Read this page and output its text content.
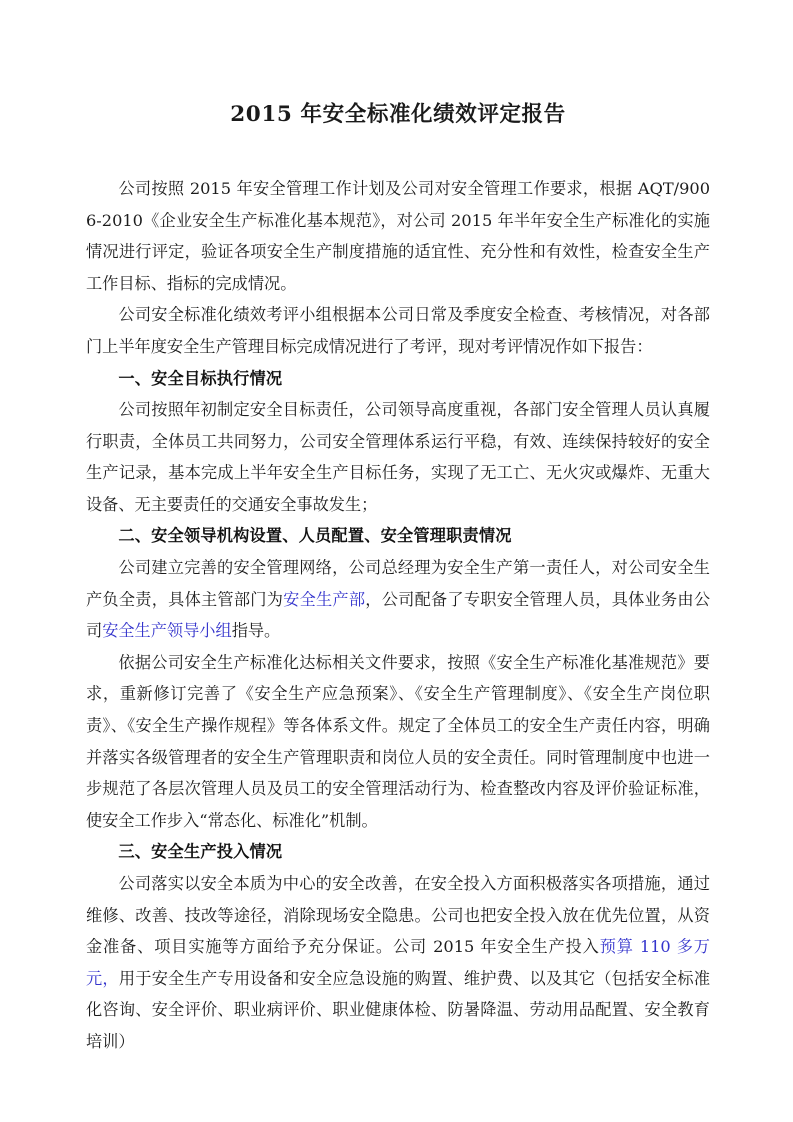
2015 年安全标准化绩效评定报告

公司按照 2015 年安全管理工作计划及公司对安全管理工作要求，根据 AQT/9006-2010《企业安全生产标准化基本规范》，对公司 2015 年半年安全生产标准化的实施情况进行评定，验证各项安全生产制度措施的适宜性、充分性和有效性，检查安全生产工作目标、指标的完成情况。

公司安全标准化绩效考评小组根据本公司日常及季度安全检查、考核情况，对各部门上半年度安全生产管理目标完成情况进行了考评，现对考评情况作如下报告：

一、安全目标执行情况

公司按照年初制定安全目标责任，公司领导高度重视，各部门安全管理人员认真履行职责，全体员工共同努力，公司安全管理体系运行平稳，有效、连续保持较好的安全生产记录，基本完成上半年安全生产目标任务，实现了无工亡、无火灾或爆炸、无重大设备、无主要责任的交通安全事故发生；

二、安全领导机构设置、人员配置、安全管理职责情况

公司建立完善的安全管理网络，公司总经理为安全生产第一责任人，对公司安全生产负全责，具体主管部门为安全生产部，公司配备了专职安全管理人员，具体业务由公司安全生产领导小组指导。

依据公司安全生产标准化达标相关文件要求，按照《安全生产标准化基准规范》要求，重新修订完善了《安全生产应急预案》、《安全生产管理制度》、《安全生产岗位职责》、《安全生产操作规程》等各体系文件。规定了全体员工的安全生产责任内容，明确并落实各级管理者的安全生产管理职责和岗位人员的安全责任。同时管理制度中也进一步规范了各层次管理人员及员工的安全管理活动行为、检查整改内容及评价验证标准，使安全工作步入“常态化、标准化”机制。

三、安全生产投入情况

公司落实以安全本质为中心的安全改善，在安全投入方面积极落实各项措施，通过维修、改善、技改等途径，消除现场安全隐患。公司也把安全投入放在优先位置，从资金准备、项目实施等方面给予充分保证。公司 2015 年安全生产投入预算 110 多万元，用于安全生产专用设备和安全应急设施的购置、维护费、以及其它（包括安全标准化咨询、安全评价、职业病评价、职业健康体检、防暑降温、劳动用品配置、安全教育培训）
